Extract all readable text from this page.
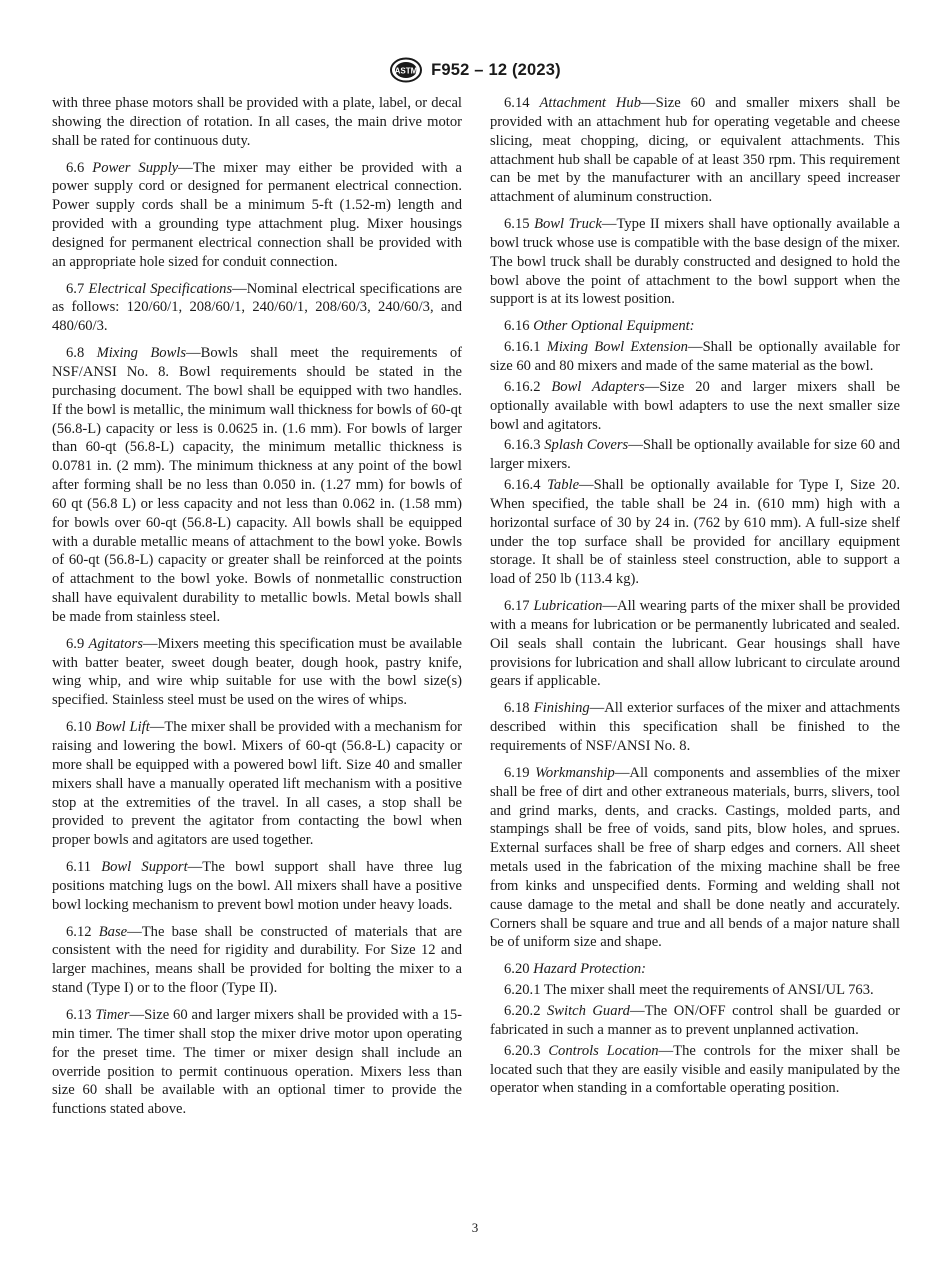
ASTM F952 – 12 (2023)

with three phase motors shall be provided with a plate, label, or decal showing the direction of rotation. In all cases, the main drive motor shall be rated for continuous duty.

6.6 Power Supply—The mixer may either be provided with a power supply cord or designed for permanent electrical connection. Power supply cords shall be a minimum 5-ft (1.52-m) length and provided with a grounding type attachment plug. Mixer housings designed for permanent electrical connection shall be provided with an appropriate hole sized for conduit connection.

6.7 Electrical Specifications—Nominal electrical specifications are as follows: 120/60/1, 208/60/1, 240/60/1, 208/60/3, 240/60/3, and 480/60/3.

6.8 Mixing Bowls—Bowls shall meet the requirements of NSF/ANSI No. 8. Bowl requirements should be stated in the purchasing document. The bowl shall be equipped with two handles. If the bowl is metallic, the minimum wall thickness for bowls of 60-qt (56.8-L) capacity or less is 0.0625 in. (1.6 mm). For bowls of larger than 60-qt (56.8-L) capacity, the minimum metallic thickness is 0.0781 in. (2 mm). The minimum thickness at any point of the bowl after forming shall be no less than 0.050 in. (1.27 mm) for bowls of 60 qt (56.8 L) or less capacity and not less than 0.062 in. (1.58 mm) for bowls over 60-qt (56.8-L) capacity. All bowls shall be equipped with a durable metallic means of attachment to the bowl yoke. Bowls of 60-qt (56.8-L) capacity or greater shall be reinforced at the points of attachment to the bowl yoke. Bowls of nonmetallic construction shall have equivalent durability to metallic bowls. Metal bowls shall be made from stainless steel.

6.9 Agitators—Mixers meeting this specification must be available with batter beater, sweet dough beater, dough hook, pastry knife, wing whip, and wire whip suitable for use with the bowl size(s) specified. Stainless steel must be used on the wires of whips.

6.10 Bowl Lift—The mixer shall be provided with a mechanism for raising and lowering the bowl. Mixers of 60-qt (56.8-L) capacity or more shall be equipped with a powered bowl lift. Size 40 and smaller mixers shall have a manually operated lift mechanism with a positive stop at the extremities of the travel. In all cases, a stop shall be provided to prevent the agitator from contacting the bowl when proper bowls and agitators are used together.

6.11 Bowl Support—The bowl support shall have three lug positions matching lugs on the bowl. All mixers shall have a positive bowl locking mechanism to prevent bowl motion under heavy loads.

6.12 Base—The base shall be constructed of materials that are consistent with the need for rigidity and durability. For Size 12 and larger machines, means shall be provided for bolting the mixer to a stand (Type I) or to the floor (Type II).

6.13 Timer—Size 60 and larger mixers shall be provided with a 15-min timer. The timer shall stop the mixer drive motor upon operating for the preset time. The timer or mixer design shall include an override position to permit continuous operation. Mixers less than size 60 shall be available with an optional timer to provide the functions stated above.

6.14 Attachment Hub—Size 60 and smaller mixers shall be provided with an attachment hub for operating vegetable and cheese slicing, meat chopping, dicing, or equivalent attachments. This attachment hub shall be capable of at least 350 rpm. This requirement can be met by the manufacturer with an ancillary speed increaser attachment of aluminum construction.

6.15 Bowl Truck—Type II mixers shall have optionally available a bowl truck whose use is compatible with the base design of the mixer. The bowl truck shall be durably constructed and designed to hold the bowl above the point of attachment to the bowl support when the support is at its lowest position.

6.16 Other Optional Equipment:

6.16.1 Mixing Bowl Extension—Shall be optionally available for size 60 and 80 mixers and made of the same material as the bowl.

6.16.2 Bowl Adapters—Size 20 and larger mixers shall be optionally available with bowl adapters to use the next smaller size bowl and agitators.

6.16.3 Splash Covers—Shall be optionally available for size 60 and larger mixers.

6.16.4 Table—Shall be optionally available for Type I, Size 20. When specified, the table shall be 24 in. (610 mm) high with a horizontal surface of 30 by 24 in. (762 by 610 mm). A full-size shelf under the top surface shall be provided for ancillary equipment storage. It shall be of stainless steel construction, able to support a load of 250 lb (113.4 kg).

6.17 Lubrication—All wearing parts of the mixer shall be provided with a means for lubrication or be permanently lubricated and sealed. Oil seals shall contain the lubricant. Gear housings shall have provisions for lubrication and shall allow lubricant to circulate around gears if applicable.

6.18 Finishing—All exterior surfaces of the mixer and attachments described within this specification shall be finished to the requirements of NSF/ANSI No. 8.

6.19 Workmanship—All components and assemblies of the mixer shall be free of dirt and other extraneous materials, burrs, slivers, tool and grind marks, dents, and cracks. Castings, molded parts, and stampings shall be free of voids, sand pits, blow holes, and sprues. External surfaces shall be free of sharp edges and corners. All sheet metals used in the fabrication of the mixing machine shall be free from kinks and unspecified dents. Forming and welding shall not cause damage to the metal and shall be done neatly and accurately. Corners shall be square and true and all bends of a major nature shall be of uniform size and shape.

6.20 Hazard Protection:

6.20.1 The mixer shall meet the requirements of ANSI/UL 763.

6.20.2 Switch Guard—The ON/OFF control shall be guarded or fabricated in such a manner as to prevent unplanned activation.

6.20.3 Controls Location—The controls for the mixer shall be located such that they are easily visible and easily manipulated by the operator when standing in a comfortable operating position.

3
